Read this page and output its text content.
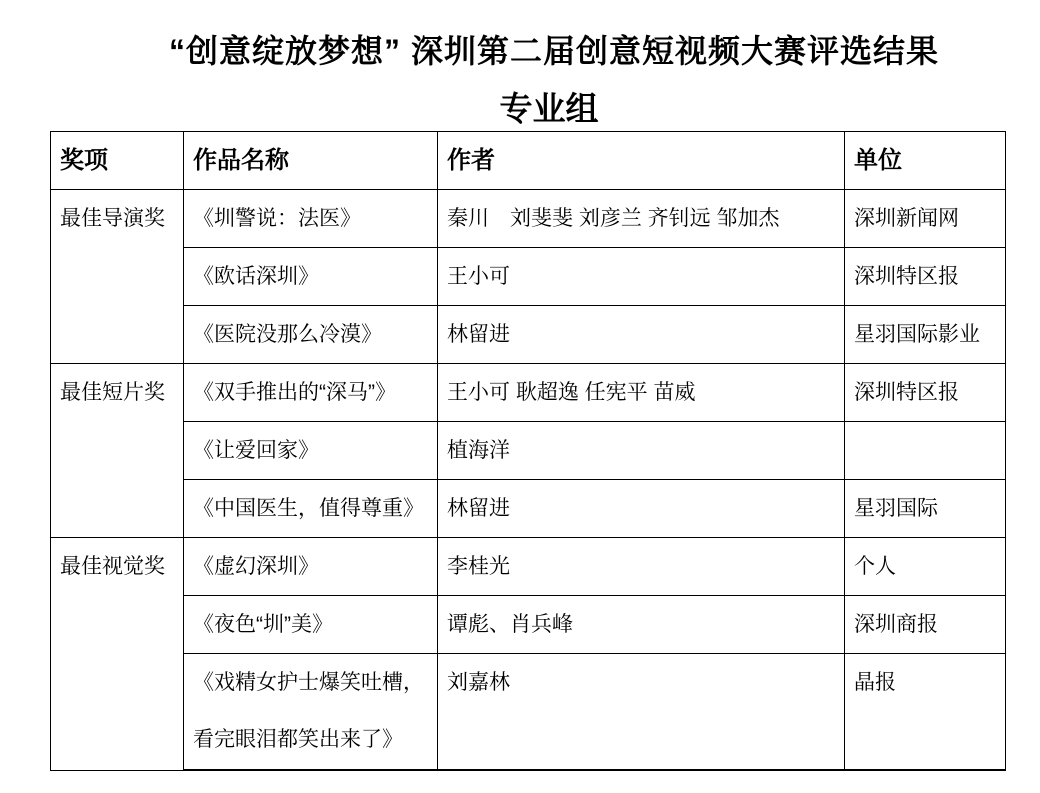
“创意绽放梦想” 深圳第二届创意短视频大赛评选结果
专业组
奖项	作品名称	作者	单位
最佳导演奖	《圳警说：法医》	秦川　刘斐斐 刘彦兰 齐钊远 邹加杰	深圳新闻网
	《欧话深圳》	王小可	深圳特区报
	《医院没那么冷漠》	林留进	星羽国际影业
最佳短片奖	《双手推出的“深马”》	王小可 耿超逸 任宪平 苗威	深圳特区报
	《让爱回家》	植海洋	
	《中国医生，值得尊重》	林留进	星羽国际
最佳视觉奖	《虚幻深圳》	李桂光	个人
	《夜色“圳”美》	谭彪、肖兵峰	深圳商报
	《戏精女护士爆笑吐槽，看完眼泪都笑出来了》	刘嘉林	晶报
